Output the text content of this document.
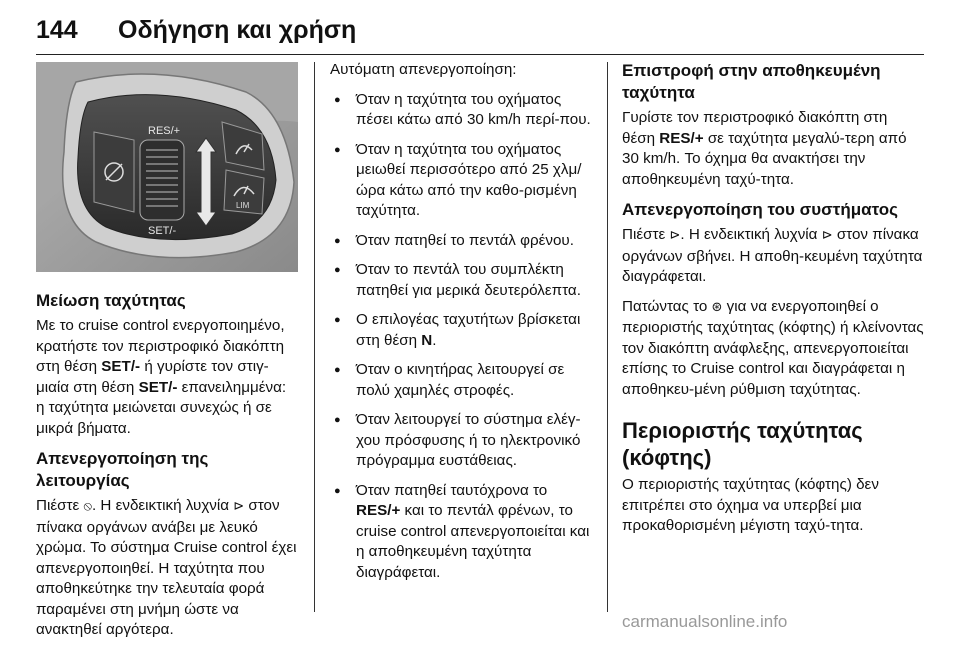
144 Οδήγηση και χρήση
RES/+
SET/-
LIM
Μείωση ταχύτητας

Με το cruise control ενεργοποιημένο, κρατήστε τον περιστροφικό διακόπτη στη θέση SET/- ή γυρίστε τον στιγ‐μιαία στη θέση SET/- επανειλημμένα: η ταχύτητα μειώνεται συνεχώς ή σε μικρά βήματα.

Απενεργοποίηση της λειτουργίας

Πιέστε ⦸. Η ενδεικτική λυχνία ⊳ στον πίνακα οργάνων ανάβει με λευκό χρώμα. Το σύστημα Cruise control έχει απενεργοποιηθεί. Η ταχύτητα που αποθηκεύτηκε την τελευταία φορά παραμένει στη μνήμη ώστε να ανακτηθεί αργότερα.

Αυτόματη απενεργοποίηση:

● Όταν η ταχύτητα του οχήματος πέσει κάτω από 30 km/h περί‐που.
● Όταν η ταχύτητα του οχήματος μειωθεί περισσότερο από 25 χλμ/ώρα κάτω από την καθο‐ρισμένη ταχύτητα.
● Όταν πατηθεί το πεντάλ φρένου.
● Όταν το πεντάλ του συμπλέκτη πατηθεί για μερικά δευτερόλεπτα.
● Ο επιλογέας ταχυτήτων βρίσκεται στη θέση N.
● Όταν ο κινητήρας λειτουργεί σε πολύ χαμηλές στροφές.
● Όταν λειτουργεί το σύστημα ελέγ‐χου πρόσφυσης ή το ηλεκτρονικό πρόγραμμα ευστάθειας.
● Όταν πατηθεί ταυτόχρονα το RES/+ και το πεντάλ φρένων, το cruise control απενεργοποιείται και η αποθηκευμένη ταχύτητα διαγράφεται.
Επιστροφή στην αποθηκευμένη ταχύτητα

Γυρίστε τον περιστροφικό διακόπτη στη θέση RES/+ σε ταχύτητα μεγαλύ‐τερη από 30 km/h. Το όχημα θα ανακτήσει την αποθηκευμένη ταχύ‐τητα.

Απενεργοποίηση του συστήματος

Πιέστε ⊳. Η ενδεικτική λυχνία ⊳ στον πίνακα οργάνων σβήνει. Η αποθη‐κευμένη ταχύτητα διαγράφεται.

Πατώντας το ⊛ για να ενεργοποιηθεί ο περιοριστής ταχύτητας (κόφτης) ή κλείνοντας τον διακόπτη ανάφλεξης, απενεργοποιείται επίσης το Cruise control και διαγράφεται η αποθηκευ‐μένη ρύθμιση ταχύτητας.

Περιοριστής ταχύτητας (κόφτης)

Ο περιοριστής ταχύτητας (κόφτης) δεν επιτρέπει στο όχημα να υπερβεί μια προκαθορισμένη μέγιστη ταχύ‐τητα.

carmanualsonline.info
